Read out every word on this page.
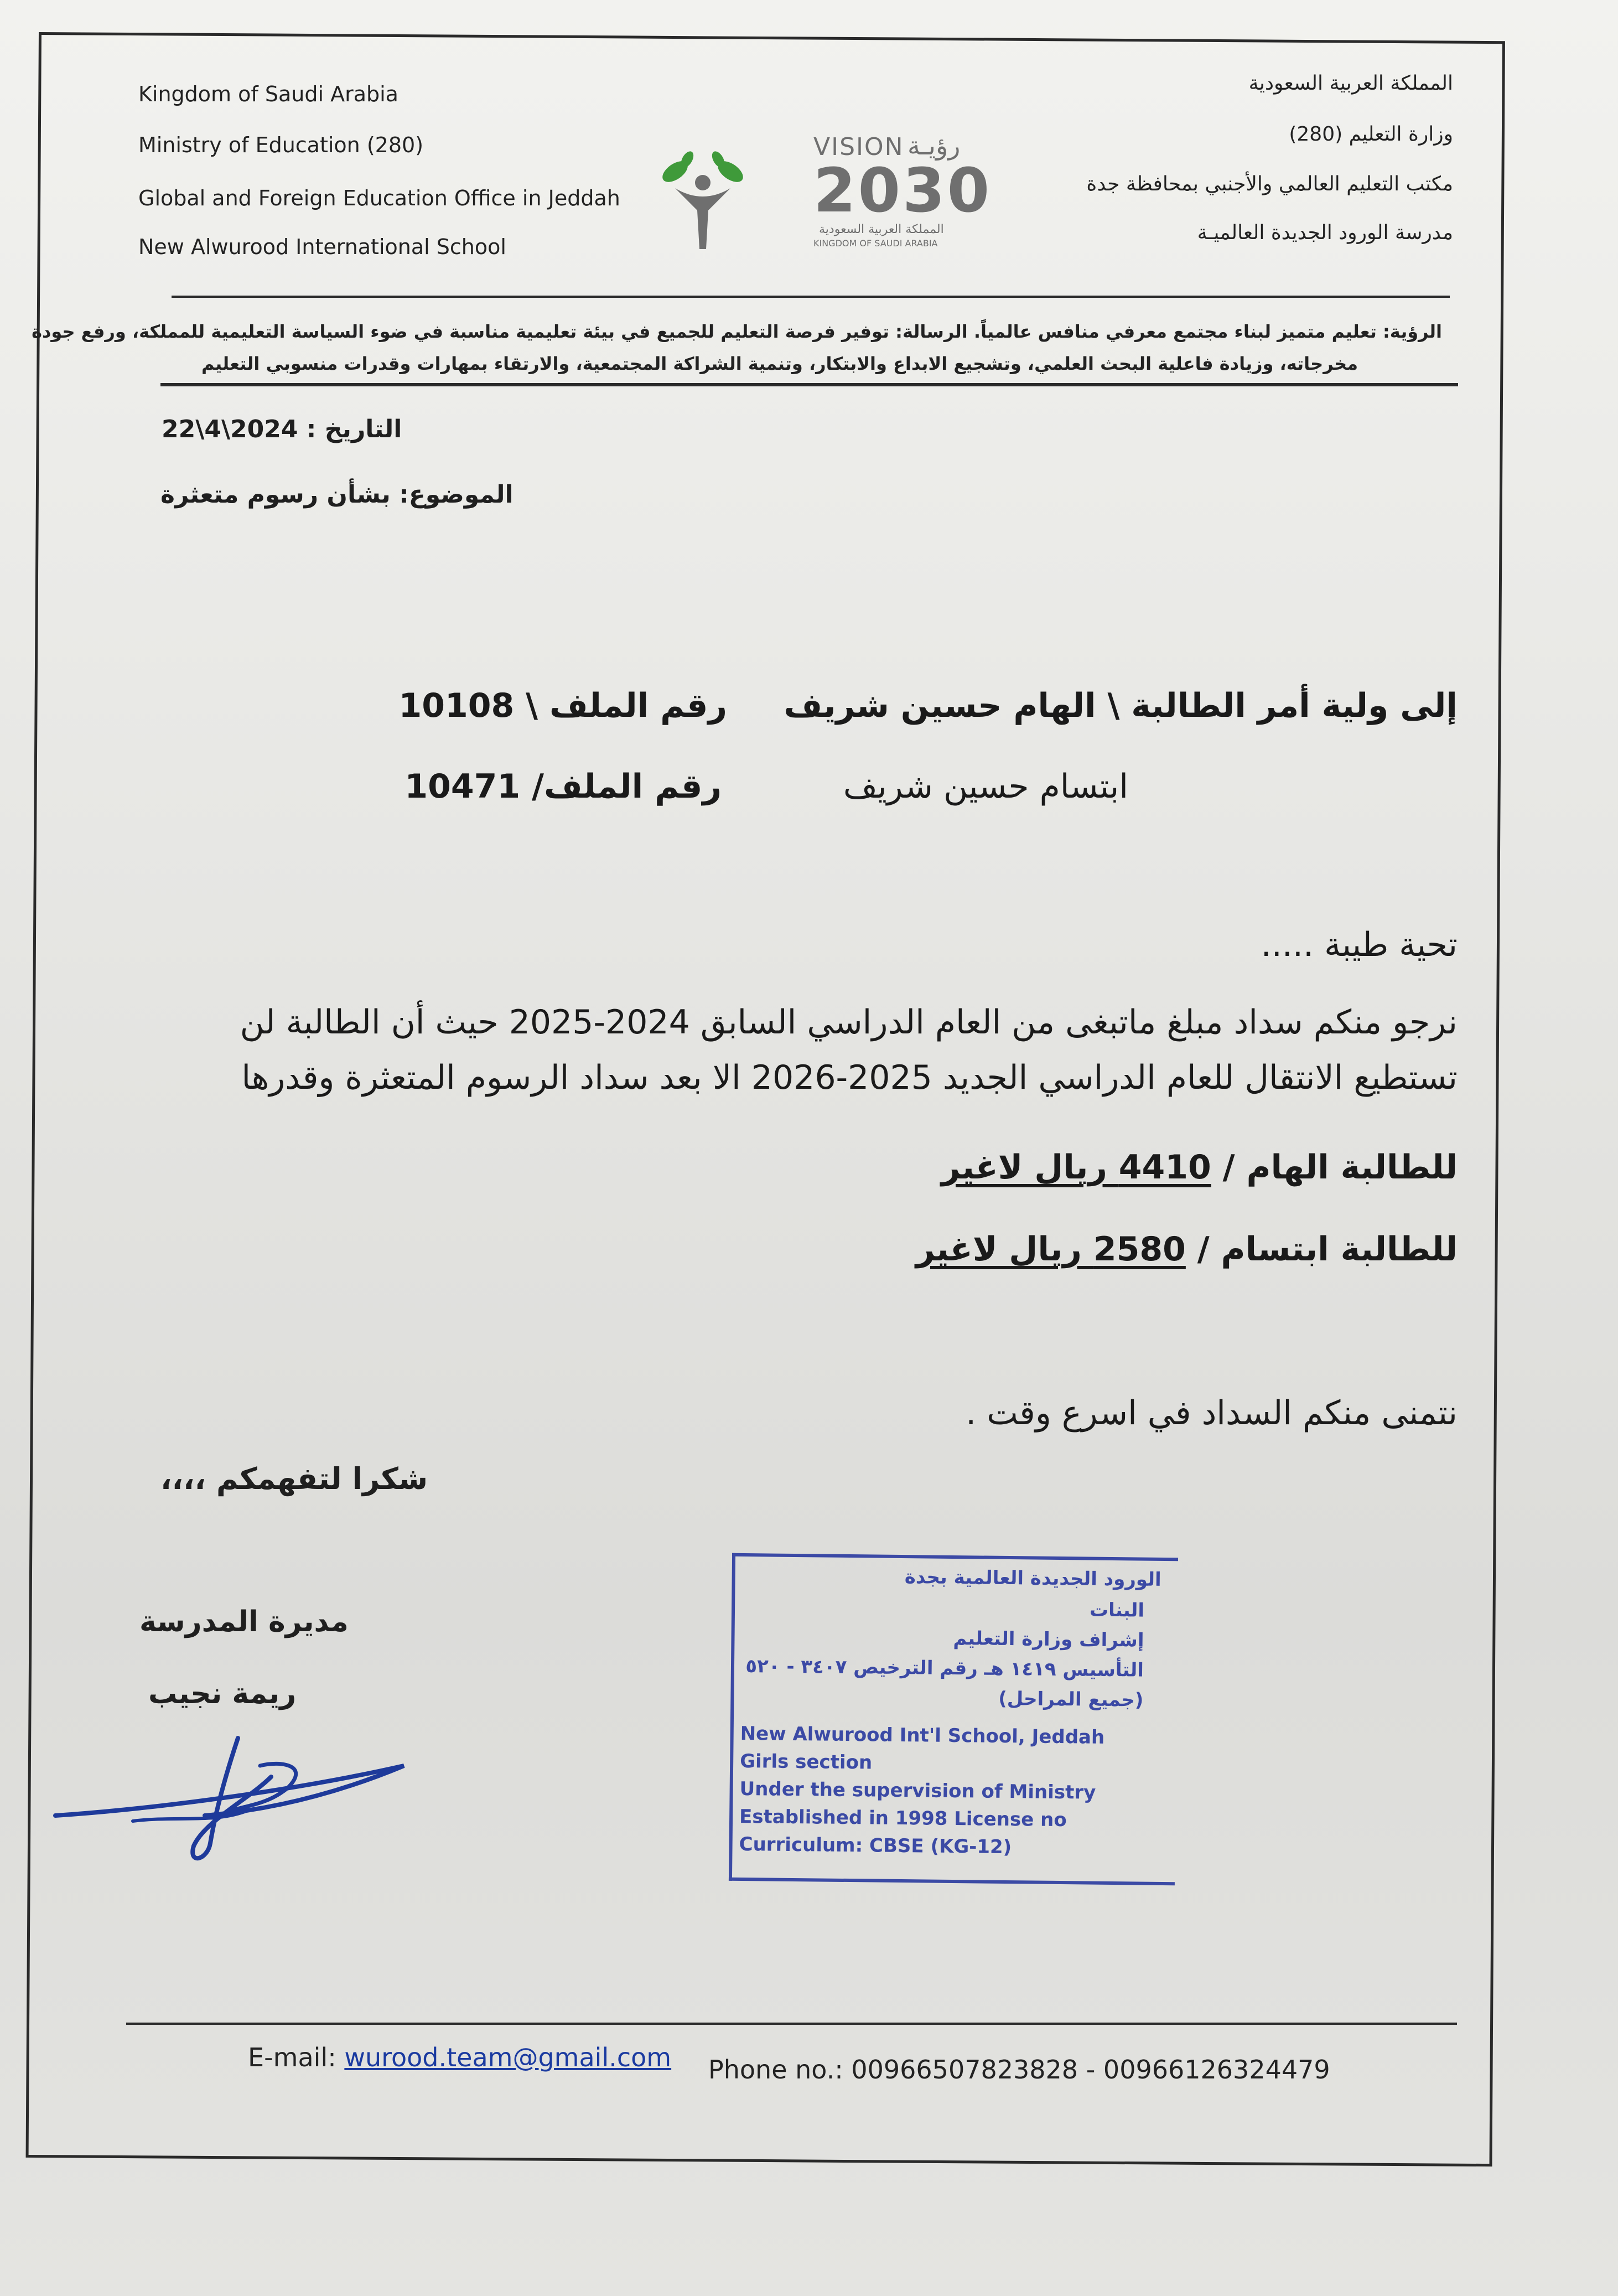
Kingdom of Saudi Arabia
Ministry of Education (280)
Global and Foreign Education Office in Jeddah
New Alwurood International School
المملكة العربية السعودية
وزارة التعليم (280)
مكتب التعليم العالمي والأجنبي بمحافظة جدة
مدرسة الورود الجديدة العالميـة
VISION رؤيـة
2030
المملكة العربية السعودية
KINGDOM OF SAUDI ARABIA
الرؤية: تعليم متميز لبناء مجتمع معرفي منافس عالمياً. الرسالة: توفير فرصة التعليم للجميع في بيئة تعليمية مناسبة في ضوء السياسة التعليمية للمملكة، ورفع جودة
مخرجاته، وزيادة فاعلية البحث العلمي، وتشجيع الابداع والابتكار، وتنمية الشراكة المجتمعية، والارتقاء بمهارات وقدرات منسوبي التعليم
التاريخ : 2024\4\22
الموضوع: بشأن رسوم متعثرة
إلى ولية أمر الطالبة \ الهام حسين شريف
رقم الملف \ 10108
ابتسام حسين شريف
رقم الملف/ 10471
تحية طيبة .....
نرجو منكم سداد مبلغ ماتبغى من العام الدراسي السابق 2024-2025 حيث أن الطالبة لن
تستطيع الانتقال للعام الدراسي الجديد 2025-2026 الا بعد سداد الرسوم المتعثرة وقدرها
للطالبة الهام / 4410 ريال لاغير
للطالبة ابتسام / 2580 ريال لاغير
نتمنى منكم السداد في اسرع وقت .
شكرا لتفهمكم ،،،،
مديرة المدرسة
ريمة نجيب
الورود الجديدة العالمية بجدة
البنات
إشراف وزارة التعليم
التأسيس ١٤١٩ هـ رقم الترخيص ٣٤٠٧ - ٥٢٠
(جميع المراحل)
New Alwurood Int'l School, Jeddah
Girls section
Under the supervision of Ministry
Established in 1998 License no
Curriculum: CBSE (KG-12)
E-mail: wurood.team@gmail.com Phone no.: 00966507823828 - 00966126324479
